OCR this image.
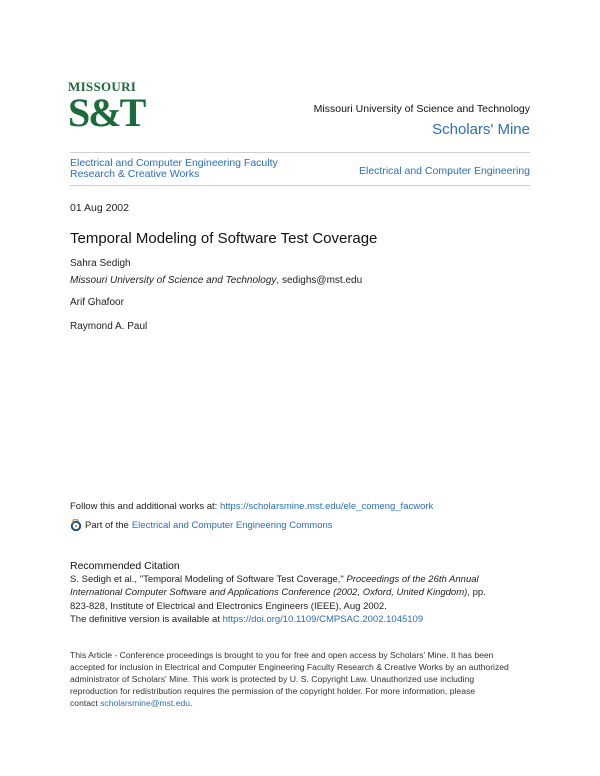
MISSOURI
S&T	Missouri University of Science and Technology
Scholars' Mine
Electrical and Computer Engineering Faculty Research & Creative Works	Electrical and Computer Engineering
01 Aug 2002
Temporal Modeling of Software Test Coverage
Sahra Sedigh
Missouri University of Science and Technology, sedighs@mst.edu
Arif Ghafoor
Raymond A. Paul
Follow this and additional works at: https://scholarsmine.mst.edu/ele_comeng_facwork
Part of the Electrical and Computer Engineering Commons
Recommended Citation
S. Sedigh et al., "Temporal Modeling of Software Test Coverage," Proceedings of the 26th Annual
International Computer Software and Applications Conference (2002, Oxford, United Kingdom), pp.
823-828, Institute of Electrical and Electronics Engineers (IEEE), Aug 2002.
The definitive version is available at https://doi.org/10.1109/CMPSAC.2002.1045109
This Article - Conference proceedings is brought to you for free and open access by Scholars' Mine. It has been
accepted for inclusion in Electrical and Computer Engineering Faculty Research & Creative Works by an authorized
administrator of Scholars' Mine. This work is protected by U. S. Copyright Law. Unauthorized use including
reproduction for redistribution requires the permission of the copyright holder. For more information, please
contact scholarsmine@mst.edu.
